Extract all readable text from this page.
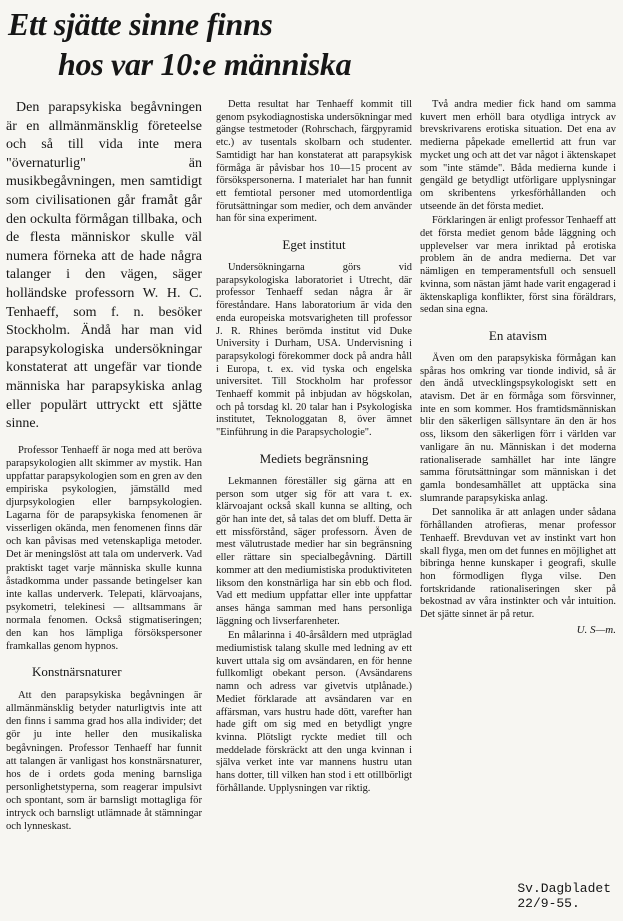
Ett sjätte sinne finns
hos var 10:e människa

Den parapsykiska begåvningen är en allmänmänsklig företeelse och så till vida inte mera "övernaturlig" än musikbegåvningen, men samtidigt som civilisationen går framåt går den ockulta förmågan tillbaka, och de flesta människor skulle väl numera förneka att de hade några talanger i den vägen, säger holländske professorn W. H. C. Tenhaeff, som f. n. besöker Stockholm. Ändå har man vid parapsykologiska undersökningar konstaterat att ungefär var tionde människa har parapsykiska anlag eller populärt uttryckt ett sjätte sinne.

Professor Tenhaeff är noga med att beröva parapsykologien allt skimmer av mystik. Han uppfattar parapsykologien som en gren av den empiriska psykologien, jämställd med djurpsykologien eller barnpsykologien. Lagarna för de parapsykiska fenomenen är visserligen okända, men fenomenen finns där och kan påvisas med vetenskapliga metoder. Det är meningslöst att tala om underverk. Vad praktiskt taget varje människa skulle kunna åstadkomma under passande betingelser kan inte kallas underverk. Telepati, klärvoajans, psykometri, telekinesi — alltsammans är normala fenomen. Också stigmatiseringen; den kan hos lämpliga försökspersoner framkallas genom hypnos.

Konstnärsnaturer

Att den parapsykiska begåvningen är allmänmänsklig betyder naturligtvis inte att den finns i samma grad hos alla individer; det gör ju inte heller den musikaliska begåvningen. Professor Tenhaeff har funnit att talangen är vanligast hos konstnärsnaturer, hos de i ordets goda mening barnsliga personlighetstyperna, som reagerar impulsivt och spontant, som är barnsligt mottagliga för intryck och barnsligt utlämnade åt stämningar och lynneskast.

Detta resultat har Tenhaeff kommit till genom psykodiagnostiska undersökningar med gängse testmetoder (Rohrschach, färgpyramid etc.) av tusentals skolbarn och studenter. Samtidigt har han konstaterat att parapsykisk förmåga är påvisbar hos 10—15 procent av försökspersonerna. I materialet har han funnit ett femtiotal personer med utomordentliga förutsättningar som medier, och dem använder han för sina experiment.

Eget institut

Undersökningarna görs vid parapsykologiska laboratoriet i Utrecht, där professor Tenhaeff sedan några år är föreståndare. Hans laboratorium är vida den enda europeiska motsvarigheten till professor J. R. Rhines berömda institut vid Duke University i Durham, USA. Undervisning i parapsykologi förekommer dock på andra håll i Europa, t. ex. vid tyska och engelska universitet. Till Stockholm har professor Tenhaeff kommit på inbjudan av högskolan, och på torsdag kl. 20 talar han i Psykologiska institutet, Teknologgatan 8, över ämnet "Einführung in die Parapsychologie".

Mediets begränsning

Lekmannen föreställer sig gärna att en person som utger sig för att vara t. ex. klärvoajant också skall kunna se allting, och gör han inte det, så talas det om bluff. Detta är ett missförstånd, säger professorn. Även de mest välutrustade medier har sin begränsning eller rättare sin specialbegåvning. Därtill kommer att den mediumistiska produktiviteten liksom den konstnärliga har sin ebb och flod. Vad ett medium uppfattar eller inte uppfattar anses hänga samman med hans personliga läggning och livserfarenheter.

En målarinna i 40-årsåldern med utpräglad mediumistisk talang skulle med ledning av ett kuvert uttala sig om avsändaren, en för henne fullkomligt obekant person. (Avsändarens namn och adress var givetvis utplånade.) Mediet förklarade att avsändaren var en affärsman, vars hustru hade dött, varefter han hade gift om sig med en betydligt yngre kvinna. Plötsligt ryckte mediet till och meddelade förskräckt att den unga kvinnan i själva verket inte var mannens hustru utan hans dotter, till vilken han stod i ett otillbörligt förhållande. Upplysningen var riktig.

Två andra medier fick hand om samma kuvert men erhöll bara otydliga intryck av brevskrivarens erotiska situation. Det ena av medierna påpekade emellertid att frun var mycket ung och att det var något i äktenskapet som "inte stämde". Båda medierna kunde i gengäld ge betydligt utförligare upplysningar om skribentens yrkesförhållanden och utseende än det första mediet.

Förklaringen är enligt professor Tenhaeff att det första mediet genom både läggning och upplevelser var mera inriktad på erotiska problem än de andra medierna. Det var nämligen en temperamentsfull och sensuell kvinna, som nästan jämt hade varit engagerad i äktenskapliga konflikter, först sina föräldrars, sedan sina egna.

En atavism

Även om den parapsykiska förmågan kan spåras hos omkring var tionde individ, så är den ändå utvecklingspsykologiskt sett en atavism. Det är en förmåga som försvinner, inte en som kommer. Hos framtidsmänniskan blir den säkerligen sällsyntare än den är hos oss, liksom den säkerligen förr i världen var vanligare än nu. Människan i det moderna rationaliserade samhället har inte längre samma förutsättningar som människan i det gamla bondesamhället att upptäcka sina slumrande parapsykiska anlag.

Det sannolika är att anlagen under sådana förhållanden atrofieras, menar professor Tenhaeff. Brevduvan vet av instinkt vart hon skall flyga, men om det funnes en möjlighet att bibringa henne kunskaper i geografi, skulle hon förmodligen flyga vilse. Den fortskridande rationaliseringen sker på bekostnad av våra instinkter och vår intuition. Det sjätte sinnet är på retur.

U. S—m.
Sv.Dagbladet
22/9-55.
